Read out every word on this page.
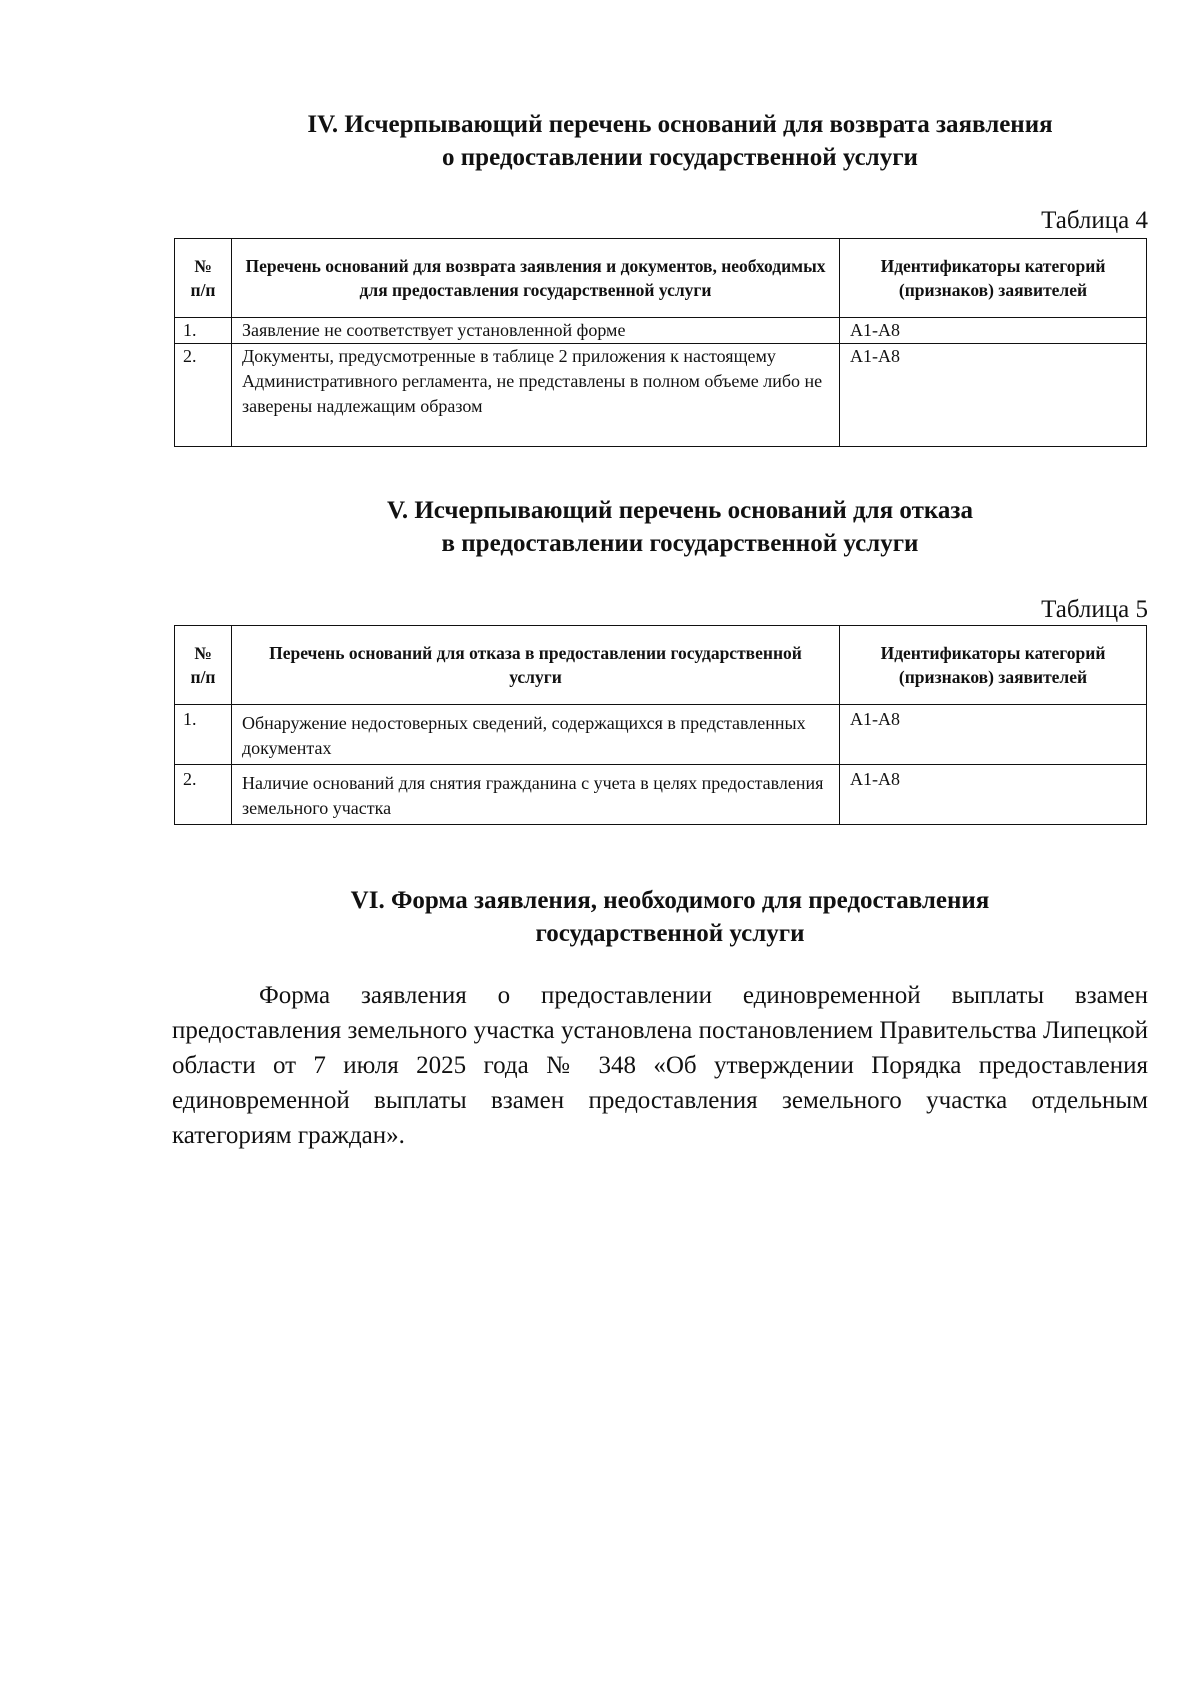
IV. Исчерпывающий перечень оснований для возврата заявления
о предоставлении государственной услуги
Таблица 4
№ п/п	Перечень оснований для возврата заявления и документов, необходимых для предоставления государственной услуги	Идентификаторы категорий (признаков) заявителей
1.	Заявление не соответствует установленной форме	А1-А8
2.	Документы, предусмотренные в таблице 2 приложения к настоящему Административного регламента, не представлены в полном объеме либо не заверены надлежащим образом	А1-А8
V. Исчерпывающий перечень оснований для отказа
в предоставлении государственной услуги
Таблица 5
№ п/п	Перечень оснований для отказа в предоставлении государственной услуги	Идентификаторы категорий (признаков) заявителей
1.	Обнаружение недостоверных сведений, содержащихся в представленных документах	А1-А8
2.	Наличие оснований для снятия гражданина с учета в целях предоставления земельного участка	А1-А8
VI. Форма заявления, необходимого для предоставления
государственной услуги

Форма заявления о предоставлении единовременной выплаты взамен предоставления земельного участка установлена постановлением Правительства Липецкой области от 7 июля 2025 года № 348 «Об утверждении Порядка предоставления единовременной выплаты взамен предоставления земельного участка отдельным категориям граждан».
